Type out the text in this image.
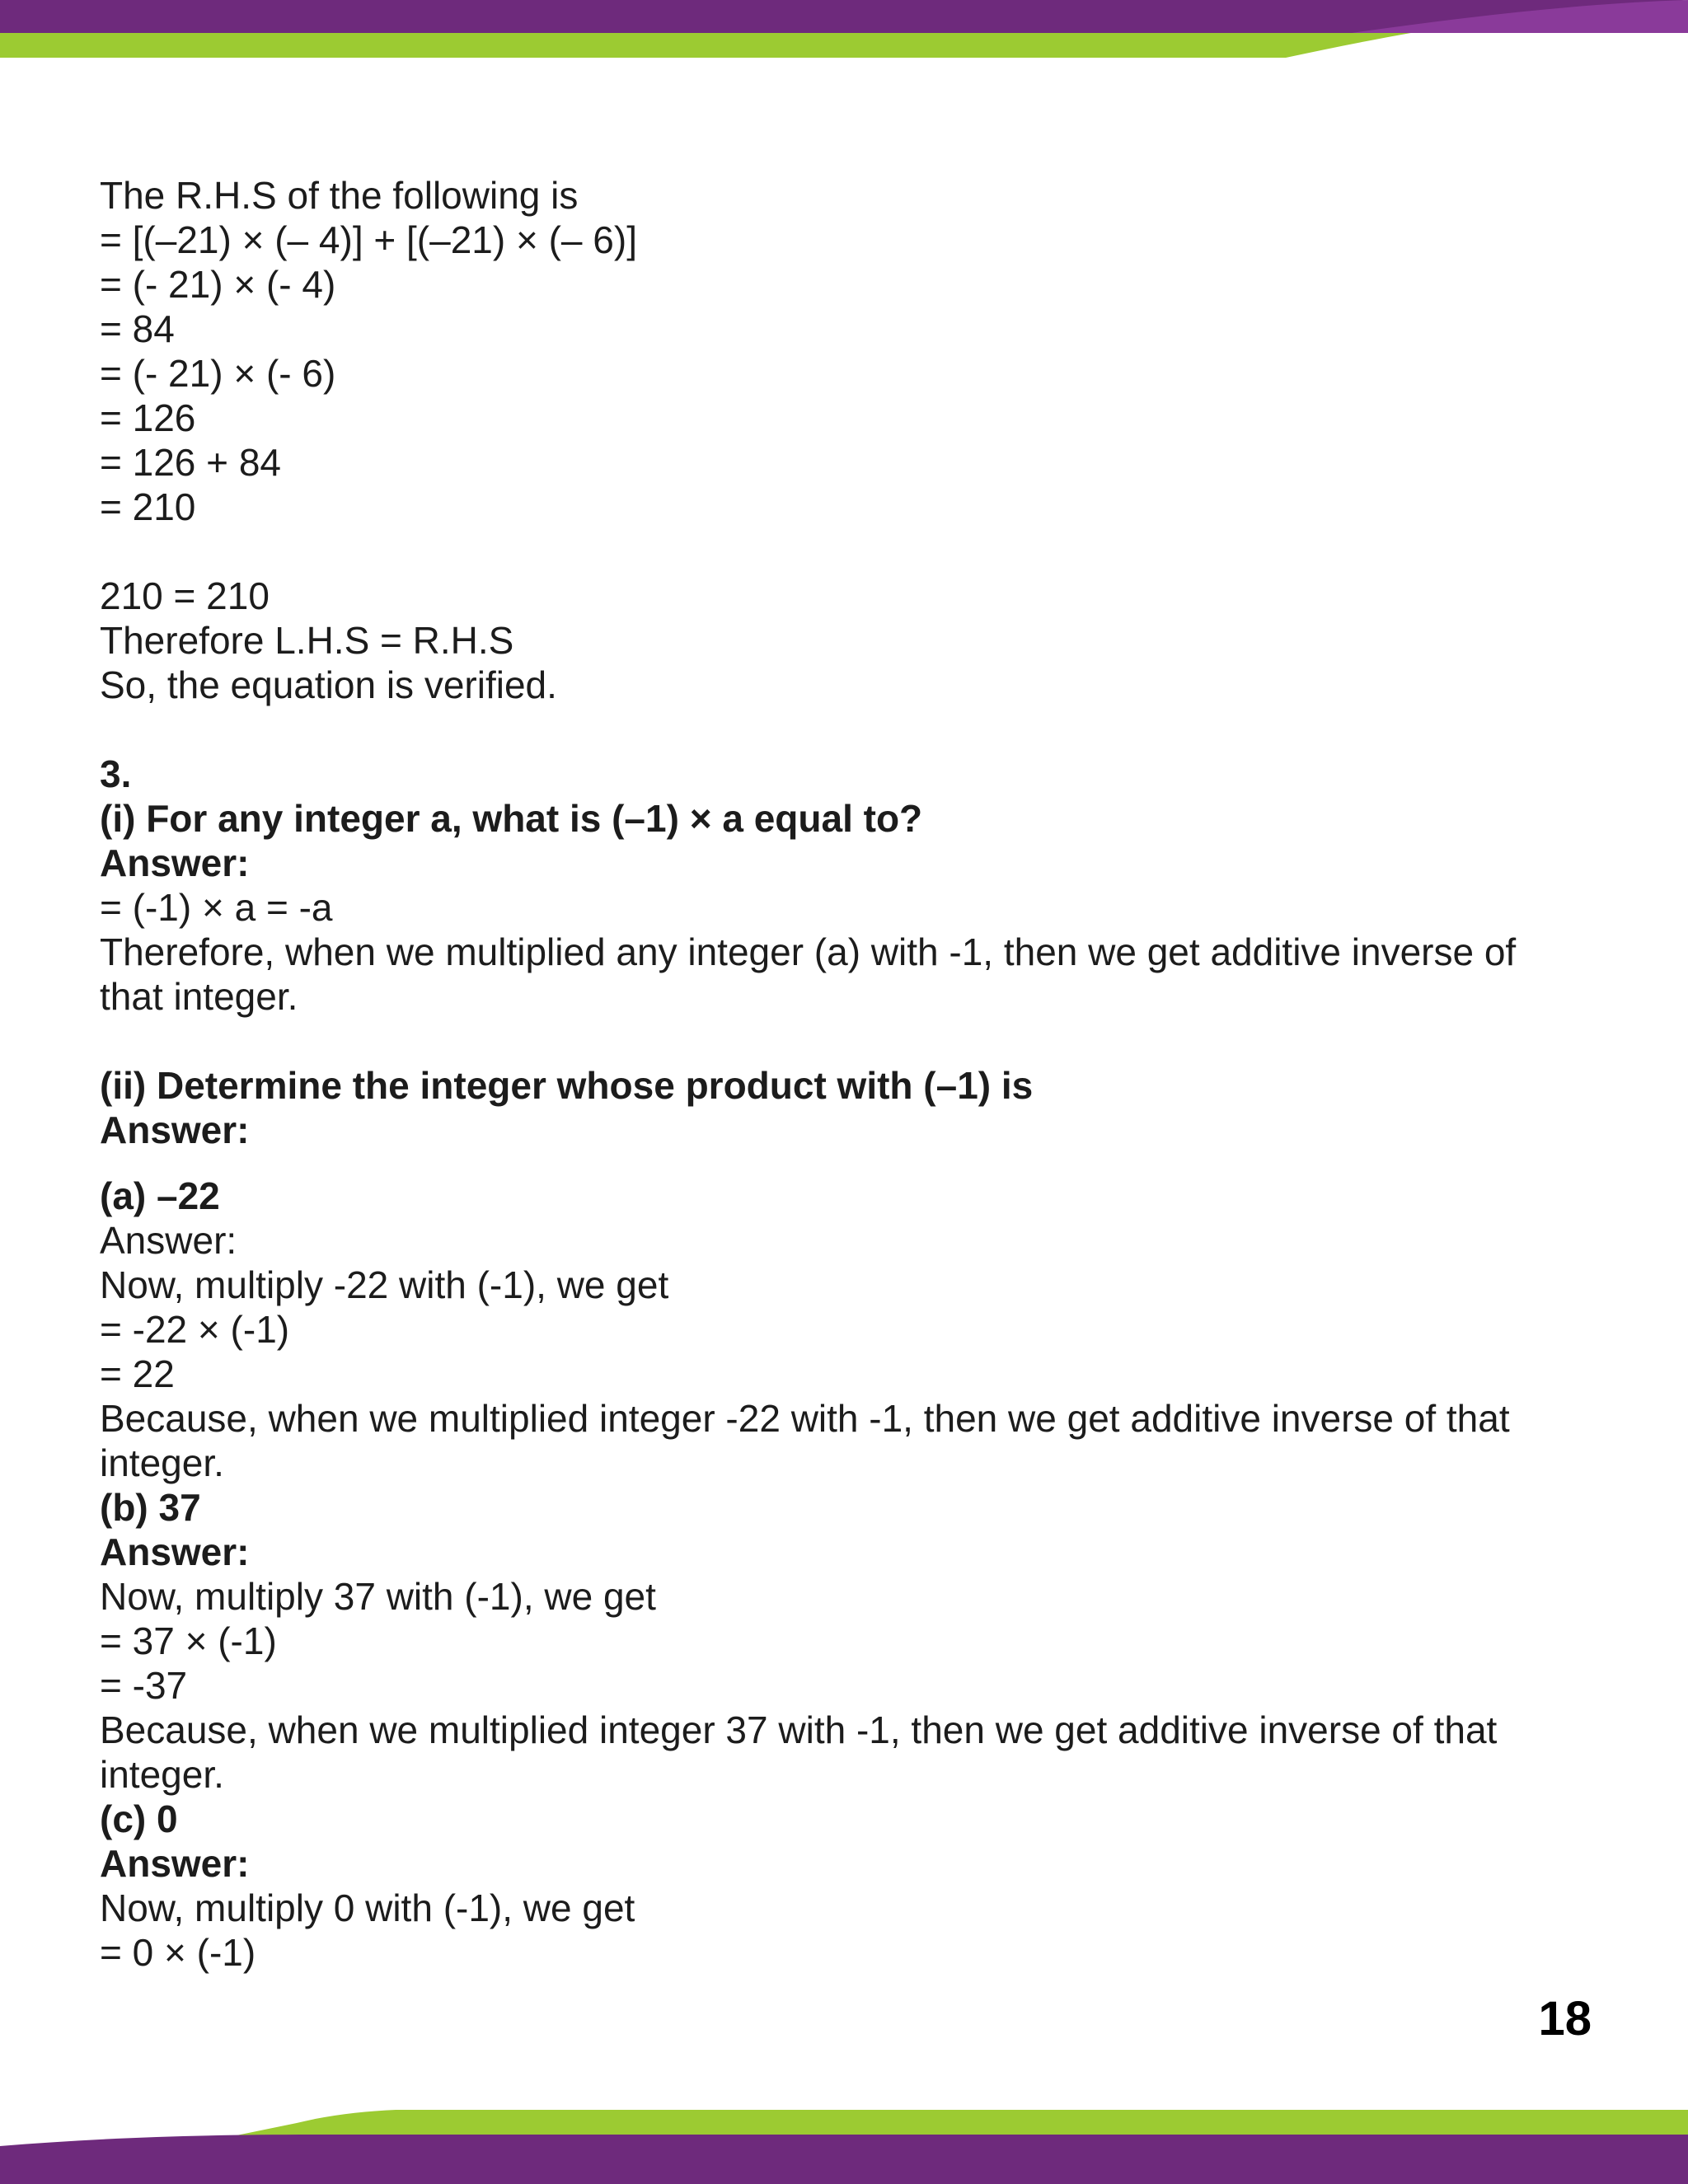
The R.H.S of the following is
= [(–21) × (– 4)] + [(–21) × (– 6)]
= (- 21) × (- 4)
= 84
= (- 21) × (- 6)
= 126
= 126 + 84
= 210
210 = 210
Therefore L.H.S = R.H.S
So, the equation is verified.
3.
(i) For any integer a, what is (–1) × a equal to?
Answer:
= (-1) × a = -a
Therefore, when we multiplied any integer (a) with -1, then we get additive inverse of that integer.
(ii) Determine the integer whose product with (–1) is
Answer:
(a) –22
Answer:
Now, multiply -22 with (-1), we get
= -22 × (-1)
= 22
Because, when we multiplied integer -22 with -1, then we get additive inverse of that integer.
(b) 37
Answer:
Now, multiply 37 with (-1), we get
= 37 × (-1)
= -37
Because, when we multiplied integer 37 with -1, then we get additive inverse of that integer.
(c) 0
Answer:
Now, multiply 0 with (-1), we get
= 0 × (-1)
18
